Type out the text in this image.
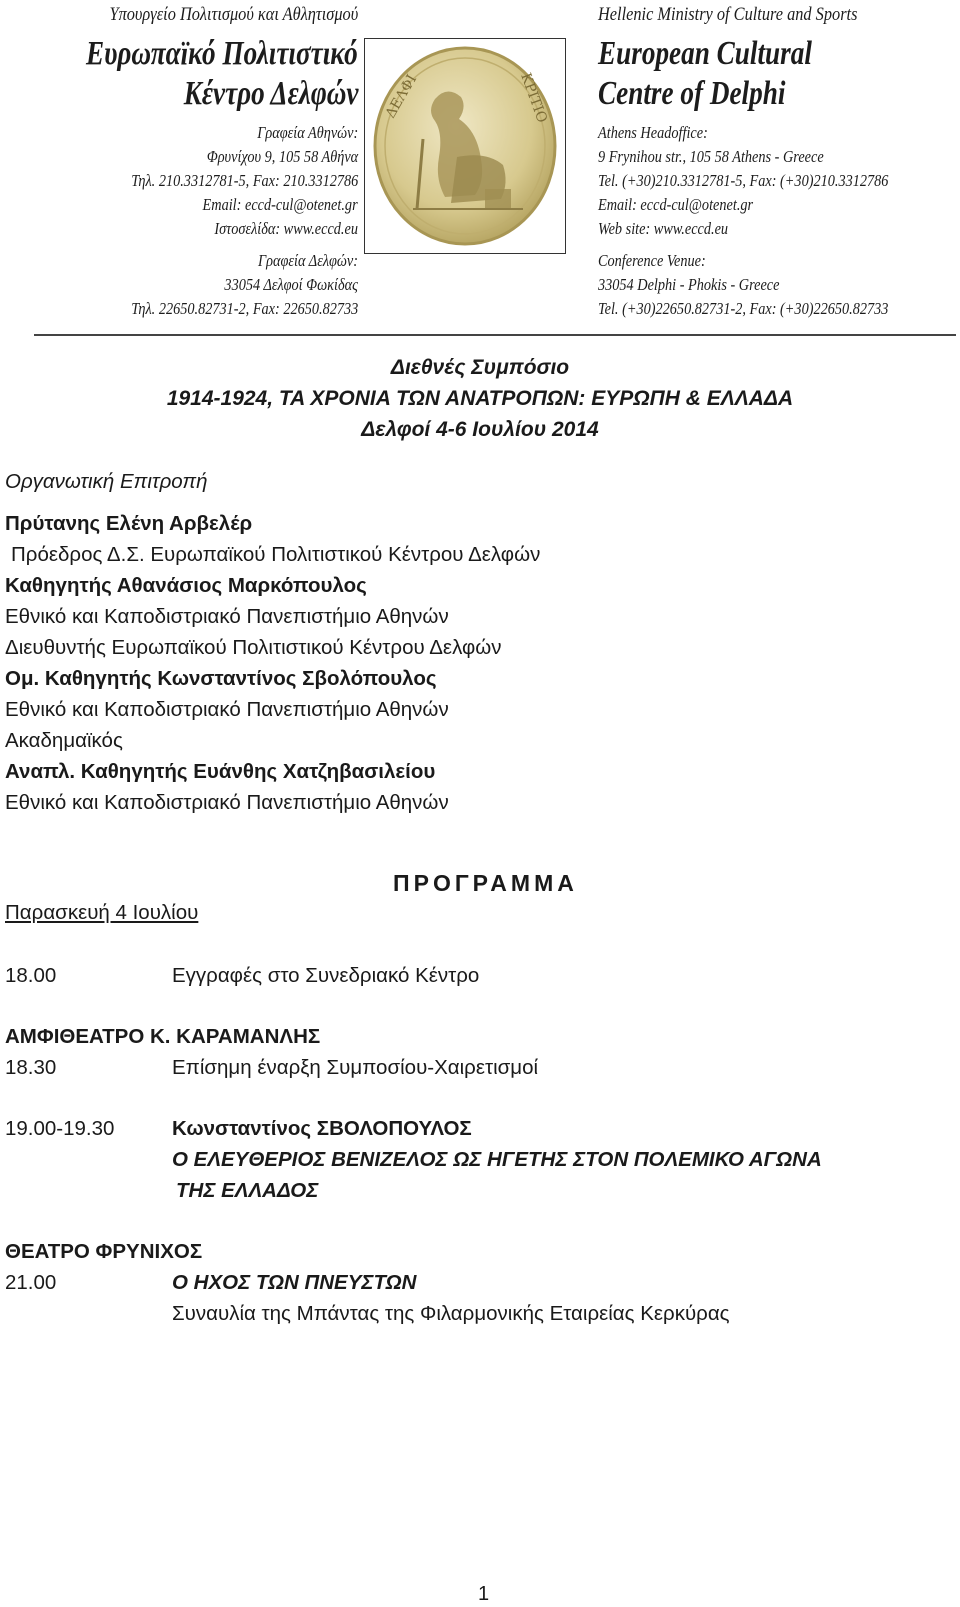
Υπουργείο Πολιτισμού και Αθλητισμού
Ευρωπαϊκό Πολιτιστικό
Κέντρο Δελφών
Γραφεία Αθηνών:
Φρυνίχου 9, 105 58 Αθήνα
Τηλ. 210.3312781-5, Fax: 210.3312786
Email: eccd-cul@otenet.gr
Ιστοσελίδα: www.eccd.eu
Γραφεία Δελφών:
33054 Δελφοί Φωκίδας
Τηλ. 22650.82731-2, Fax: 22650.82733
ΔΕΛΦΙ	ΚΡΙΤΙΟ
Hellenic Ministry of Culture and Sports
European Cultural
Centre of Delphi
Athens Headoffice:
9 Frynihou str., 105 58 Athens - Greece
Tel. (+30)210.3312781-5, Fax: (+30)210.3312786
Email: eccd-cul@otenet.gr
Web site: www.eccd.eu
Conference Venue:
33054 Delphi - Phokis - Greece
Tel. (+30)22650.82731-2, Fax: (+30)22650.82733
Διεθνές Συμπόσιο
1914-1924, ΤΑ ΧΡΟΝΙΑ ΤΩΝ ΑΝΑΤΡΟΠΩΝ: ΕΥΡΩΠΗ & ΕΛΛΑΔΑ
Δελφοί 4-6 Ιουλίου 2014
Οργανωτική Επιτροπή
Πρύτανης Ελένη Αρβελέρ
Πρόεδρος Δ.Σ. Ευρωπαϊκού Πολιτιστικού Κέντρου Δελφών
Καθηγητής Αθανάσιος Μαρκόπουλος
Εθνικό και Καποδιστριακό Πανεπιστήμιο Αθηνών
Διευθυντής Ευρωπαϊκού Πολιτιστικού Κέντρου Δελφών
Ομ. Καθηγητής Κωνσταντίνος Σβολόπουλος
Εθνικό και Καποδιστριακό Πανεπιστήμιο Αθηνών
Ακαδημαϊκός
Αναπλ. Καθηγητής Ευάνθης Χατζηβασιλείου
Εθνικό και Καποδιστριακό Πανεπιστήμιο Αθηνών
ΠΡΟΓΡΑΜΜΑ
Παρασκευή 4 Ιουλίου
18.00	Εγγραφές στο Συνεδριακό Κέντρο
ΑΜΦΙΘΕΑΤΡΟ Κ. ΚΑΡΑΜΑΝΛΗΣ
18.30	Επίσημη έναρξη Συμποσίου-Χαιρετισμοί
19.00-19.30	Κωνσταντίνος ΣΒΟΛΟΠΟΥΛΟΣ
Ο ΕΛΕΥΘΕΡΙΟΣ ΒΕΝΙΖΕΛΟΣ ΩΣ ΗΓΕΤΗΣ ΣΤΟΝ ΠΟΛΕΜΙΚΟ ΑΓΩΝΑ
ΤΗΣ ΕΛΛΑΔΟΣ
ΘΕΑΤΡΟ ΦΡΥΝΙΧΟΣ
21.00	Ο ΗΧΟΣ ΤΩΝ ΠΝΕΥΣΤΩΝ
Συναυλία της Μπάντας της Φιλαρμονικής Εταιρείας Κερκύρας
1
